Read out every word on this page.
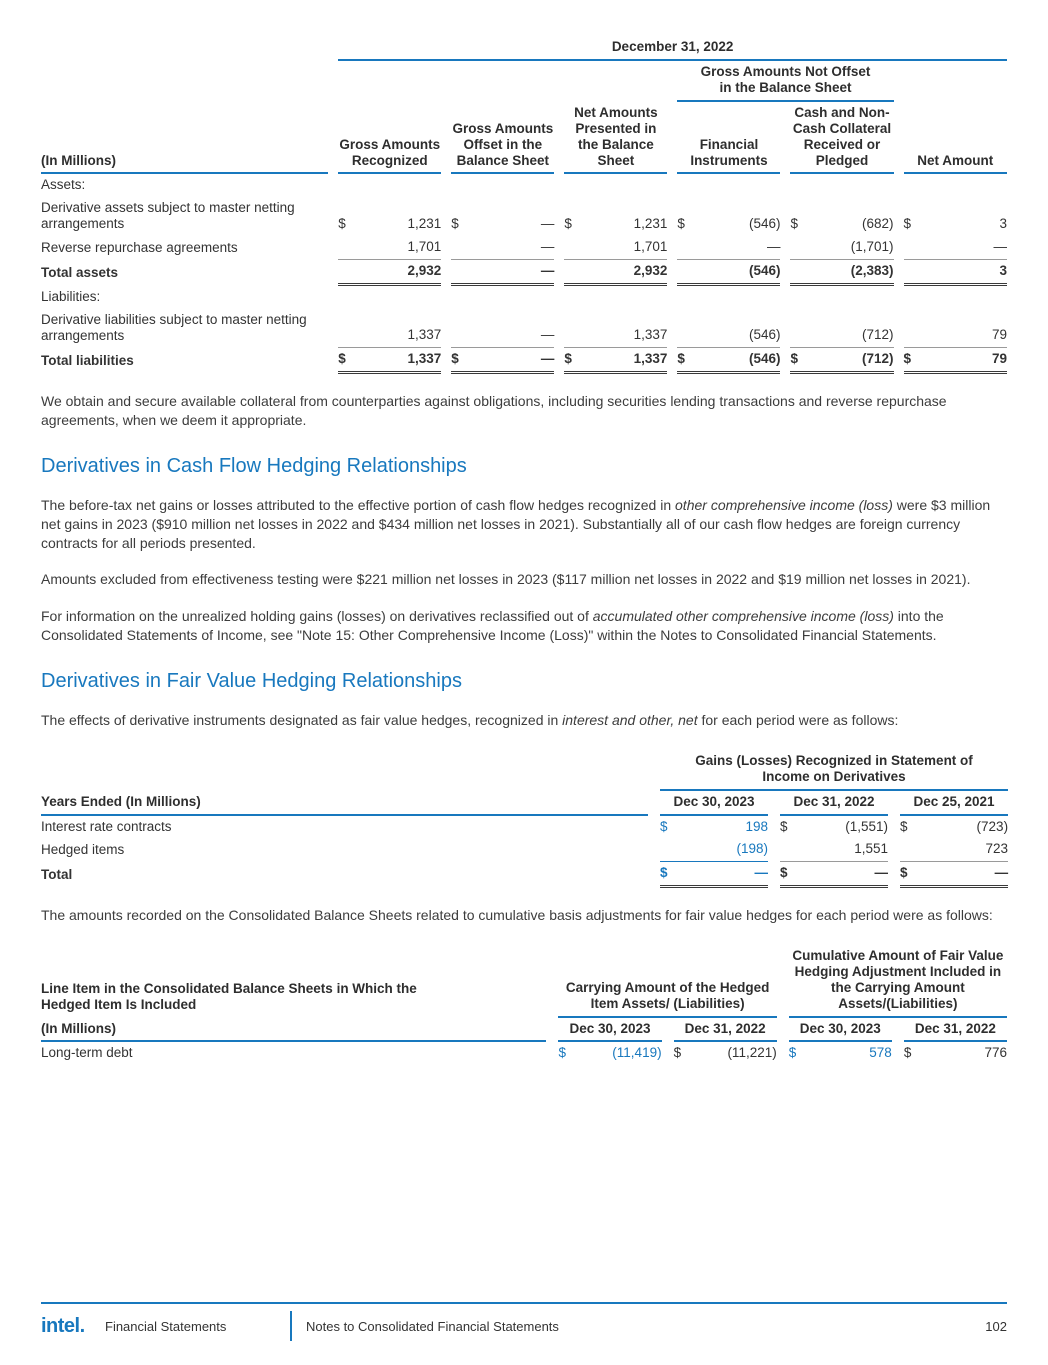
		December 31, 2022																

											Gross Amounts Not Offset
in the Balance Sheet							

(In Millions)		Gross Amounts Recognized			Gross Amounts Offset in the Balance Sheet			Net Amounts Presented in the Balance Sheet			Financial Instruments			Cash and Non-Cash Collateral Received or Pledged			Net Amount	
Assets:																		
Derivative assets subject to master netting arrangements		$	1,231		$	—		$	1,231		$	(546)		$	(682)		$	3
Reverse repurchase agreements			1,701			—			1,701			—			(1,701)			—
Total assets			2,932			—			2,932			(546)			(2,383)			3
Liabilities:																		
Derivative liabilities subject to master netting arrangements			1,337			—			1,337			(546)			(712)			79
Total liabilities		$	1,337		$	—		$	1,337		$	(546)		$	(712)		$	79

We obtain and secure available collateral from counterparties against obligations, including securities lending transactions and reverse repurchase agreements, when we deem it appropriate.

Derivatives in Cash Flow Hedging Relationships

The before-tax net gains or losses attributed to the effective portion of cash flow hedges recognized in other comprehensive income (loss) were $3 million net gains in 2023 ($910 million net losses in 2022 and $434 million net losses in 2021). Substantially all of our cash flow hedges are foreign currency contracts for all periods presented.

Amounts excluded from effectiveness testing were $221 million net losses in 2023 ($117 million net losses in 2022 and $19 million net losses in 2021).

For information on the unrealized holding gains (losses) on derivatives reclassified out of accumulated other comprehensive income (loss) into the Consolidated Statements of Income, see "Note 15: Other Comprehensive Income (Loss)" within the Notes to Consolidated Financial Statements.

Derivatives in Fair Value Hedging Relationships

The effects of derivative instruments designated as fair value hedges, recognized in interest and other, net for each period were as follows:

		Gains (Losses) Recognized in Statement of
Income on Derivatives							

Years Ended (In Millions)		Dec 30, 2023			Dec 31, 2022			Dec 25, 2021	
Interest rate contracts		$	198		$	(1,551)		$	(723)
Hedged items			(198)			1,551			723
Total		$	—		$	—		$	—

The amounts recorded on the Consolidated Balance Sheets related to cumulative basis adjustments for fair value hedges for each period were as follows:

Line Item in the Consolidated Balance Sheets in Which the
Hedged Item Is Included		Carrying Amount of the Hedged Item Assets/ (Liabilities)						Cumulative Amount of Fair Value Hedging Adjustment Included in the Carrying Amount Assets/(Liabilities)				
(In Millions)		Dec 30, 2023			Dec 31, 2022			Dec 30, 2023			Dec 31, 2022	
Long-term debt		$	(11,419)		$	(11,221)		$	578		$	776
intel.	Financial Statements	Notes to Consolidated Financial Statements	102
